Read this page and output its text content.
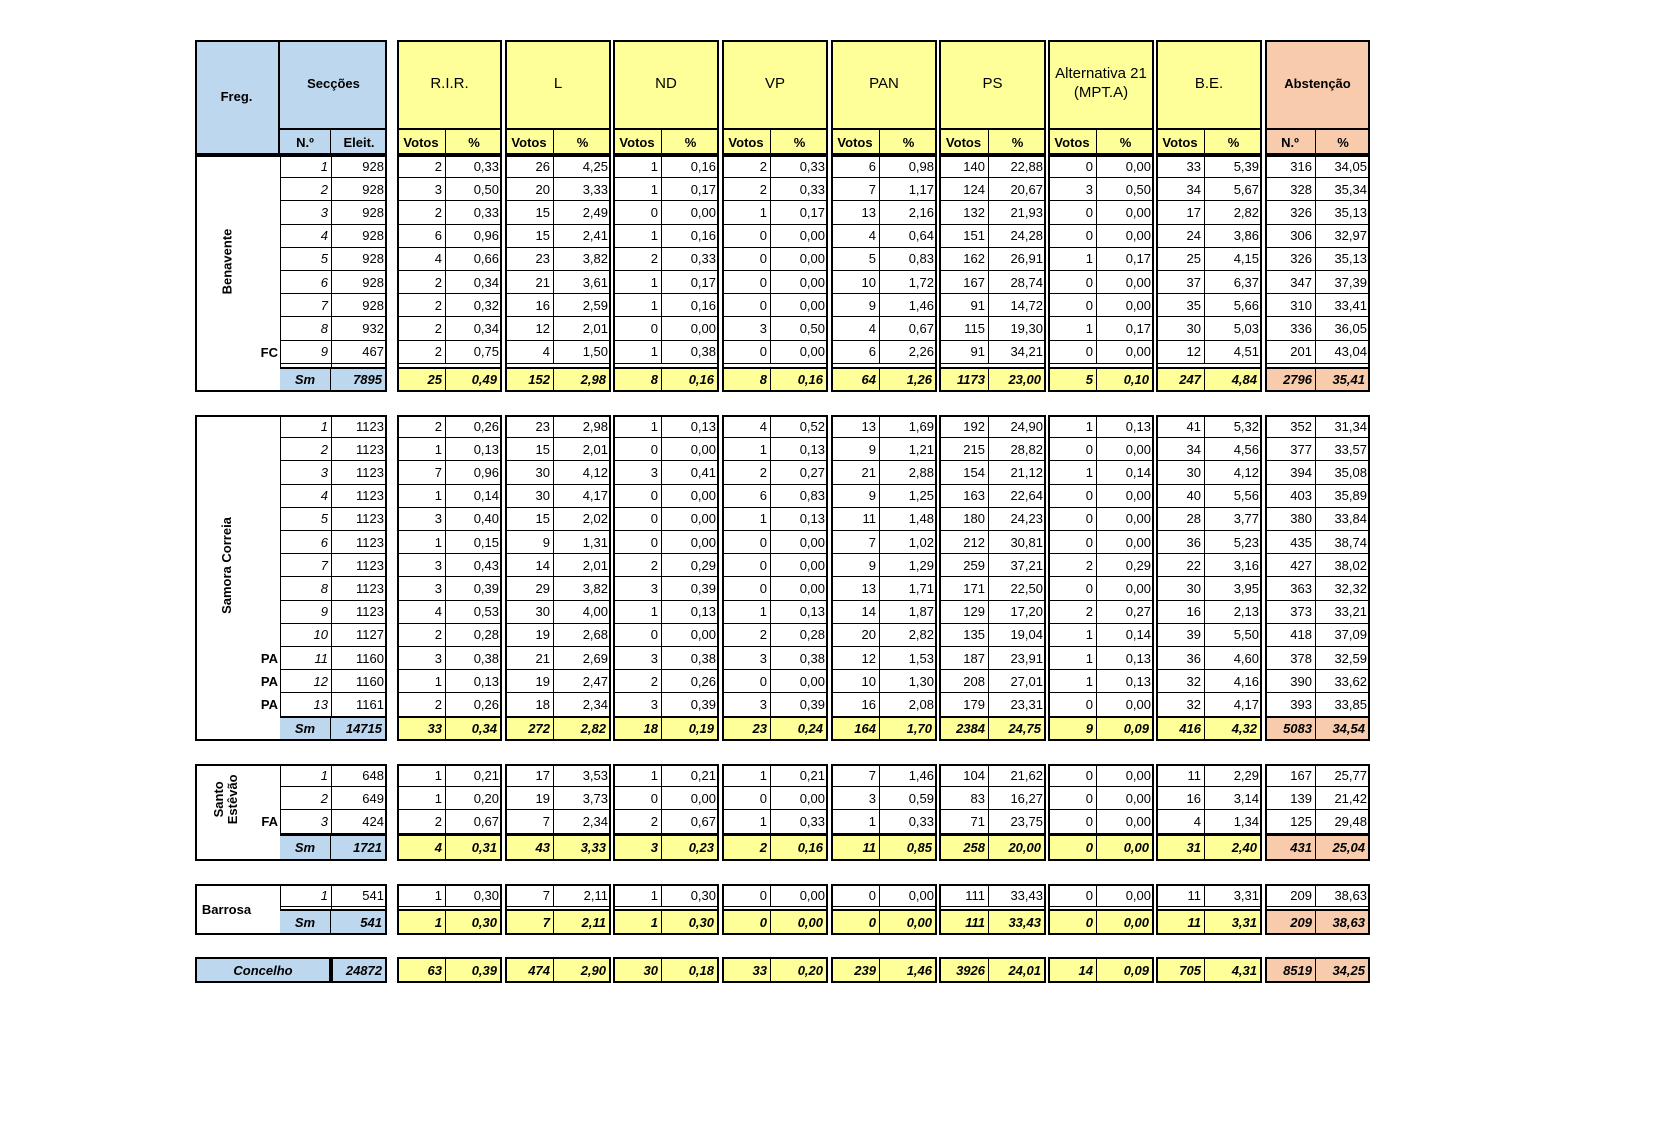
Freg.
Secções
N.º	Eleit.
R.I.R.
Votos	%
L
Votos	%
ND
Votos	%
VP
Votos	%
PAN
Votos	%
PS
Votos	%
Alternativa 21 (MPT.A)
Votos	%
B.E.
Votos	%
Abstenção
N.º	%
Benavente
1	928	2	0,33	26	4,25	1	0,16	2	0,33	6	0,98	140	22,88	0	0,00	33	5,39	316	34,05
2	928	3	0,50	20	3,33	1	0,17	2	0,33	7	1,17	124	20,67	3	0,50	34	5,67	328	35,34
3	928	2	0,33	15	2,49	0	0,00	1	0,17	13	2,16	132	21,93	0	0,00	17	2,82	326	35,13
4	928	6	0,96	15	2,41	1	0,16	0	0,00	4	0,64	151	24,28	0	0,00	24	3,86	306	32,97
5	928	4	0,66	23	3,82	2	0,33	0	0,00	5	0,83	162	26,91	1	0,17	25	4,15	326	35,13
6	928	2	0,34	21	3,61	1	0,17	0	0,00	10	1,72	167	28,74	0	0,00	37	6,37	347	37,39
7	928	2	0,32	16	2,59	1	0,16	0	0,00	9	1,46	91	14,72	0	0,00	35	5,66	310	33,41
8	932	2	0,34	12	2,01	0	0,00	3	0,50	4	0,67	115	19,30	1	0,17	30	5,03	336	36,05
FC	9	467	2	0,75	4	1,50	1	0,38	0	0,00	6	2,26	91	34,21	0	0,00	12	4,51	201	43,04
Sm	7895	25	0,49	152	2,98	8	0,16	8	0,16	64	1,26	1173	23,00	5	0,10	247	4,84	2796	35,41
Samora Correia
1	1123	2	0,26	23	2,98	1	0,13	4	0,52	13	1,69	192	24,90	1	0,13	41	5,32	352	31,34
2	1123	1	0,13	15	2,01	0	0,00	1	0,13	9	1,21	215	28,82	0	0,00	34	4,56	377	33,57
3	1123	7	0,96	30	4,12	3	0,41	2	0,27	21	2,88	154	21,12	1	0,14	30	4,12	394	35,08
4	1123	1	0,14	30	4,17	0	0,00	6	0,83	9	1,25	163	22,64	0	0,00	40	5,56	403	35,89
5	1123	3	0,40	15	2,02	0	0,00	1	0,13	11	1,48	180	24,23	0	0,00	28	3,77	380	33,84
6	1123	1	0,15	9	1,31	0	0,00	0	0,00	7	1,02	212	30,81	0	0,00	36	5,23	435	38,74
7	1123	3	0,43	14	2,01	2	0,29	0	0,00	9	1,29	259	37,21	2	0,29	22	3,16	427	38,02
8	1123	3	0,39	29	3,82	3	0,39	0	0,00	13	1,71	171	22,50	0	0,00	30	3,95	363	32,32
9	1123	4	0,53	30	4,00	1	0,13	1	0,13	14	1,87	129	17,20	2	0,27	16	2,13	373	33,21
10	1127	2	0,28	19	2,68	0	0,00	2	0,28	20	2,82	135	19,04	1	0,14	39	5,50	418	37,09
PA	11	1160	3	0,38	21	2,69	3	0,38	3	0,38	12	1,53	187	23,91	1	0,13	36	4,60	378	32,59
PA	12	1160	1	0,13	19	2,47	2	0,26	0	0,00	10	1,30	208	27,01	1	0,13	32	4,16	390	33,62
PA	13	1161	2	0,26	18	2,34	3	0,39	3	0,39	16	2,08	179	23,31	0	0,00	32	4,17	393	33,85
Sm	14715	33	0,34	272	2,82	18	0,19	23	0,24	164	1,70	2384	24,75	9	0,09	416	4,32	5083	34,54
Santo Estêvão	1	648	1	0,21	17	3,53	1	0,21	1	0,21	7	1,46	104	21,62	0	0,00	11	2,29	167	25,77
2	649	1	0,20	19	3,73	0	0,00	0	0,00	3	0,59	83	16,27	0	0,00	16	3,14	139	21,42
FA	3	424	2	0,67	7	2,34	2	0,67	1	0,33	1	0,33	71	23,75	0	0,00	4	1,34	125	29,48
Sm	1721	4	0,31	43	3,33	3	0,23	2	0,16	11	0,85	258	20,00	0	0,00	31	2,40	431	25,04
Barrosa
1	541	1	0,30	7	2,11	1	0,30	0	0,00	0	0,00	111	33,43	0	0,00	11	3,31	209	38,63
Sm	541	1	0,30	7	2,11	1	0,30	0	0,00	0	0,00	111	33,43	0	0,00	11	3,31	209	38,63
Concelho	24872	63	0,39	474	2,90	30	0,18	33	0,20	239	1,46	3926	24,01	14	0,09	705	4,31	8519	34,25
